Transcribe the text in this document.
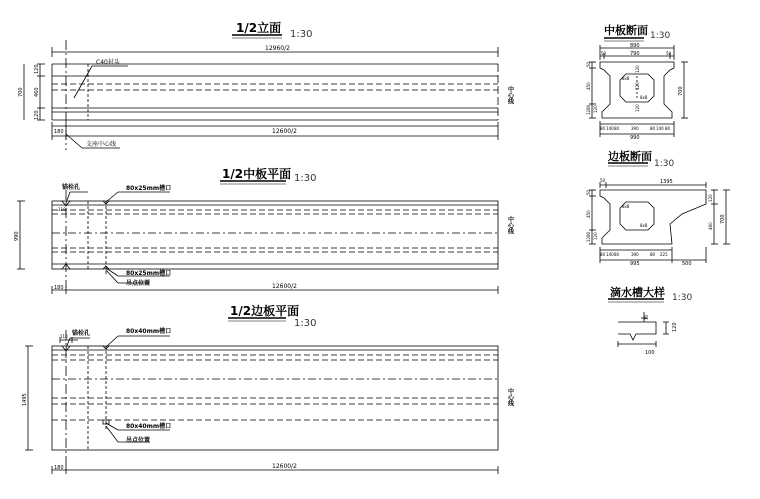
1/2立面 1:30
12960/2
12600/2
180
120
460
120
700
C40封头
支座中心线
中心线
1/2中板平面 1:30
锚栓孔	80x25mm槽口
80x25mm槽口
吊点位置
110
990
180	12600/2
中心线
1/2边板平面
1:30
锚栓孔	80x40mm槽口
80x40mm槽口
吊点位置
110
1495
180	12600/2
中心线
中板断面 1:30
890
50	790	50
8x8
8x8
120
120
120
50
450
120
1280
700
80 140 80	390	80 140 80
990
边板断面
1:30
50	1395
8x8
8x8
50
450
120
1280
120
460
700
80 140 80	390	80 225
995	500
滴水槽大样 1:30
10
120
100
